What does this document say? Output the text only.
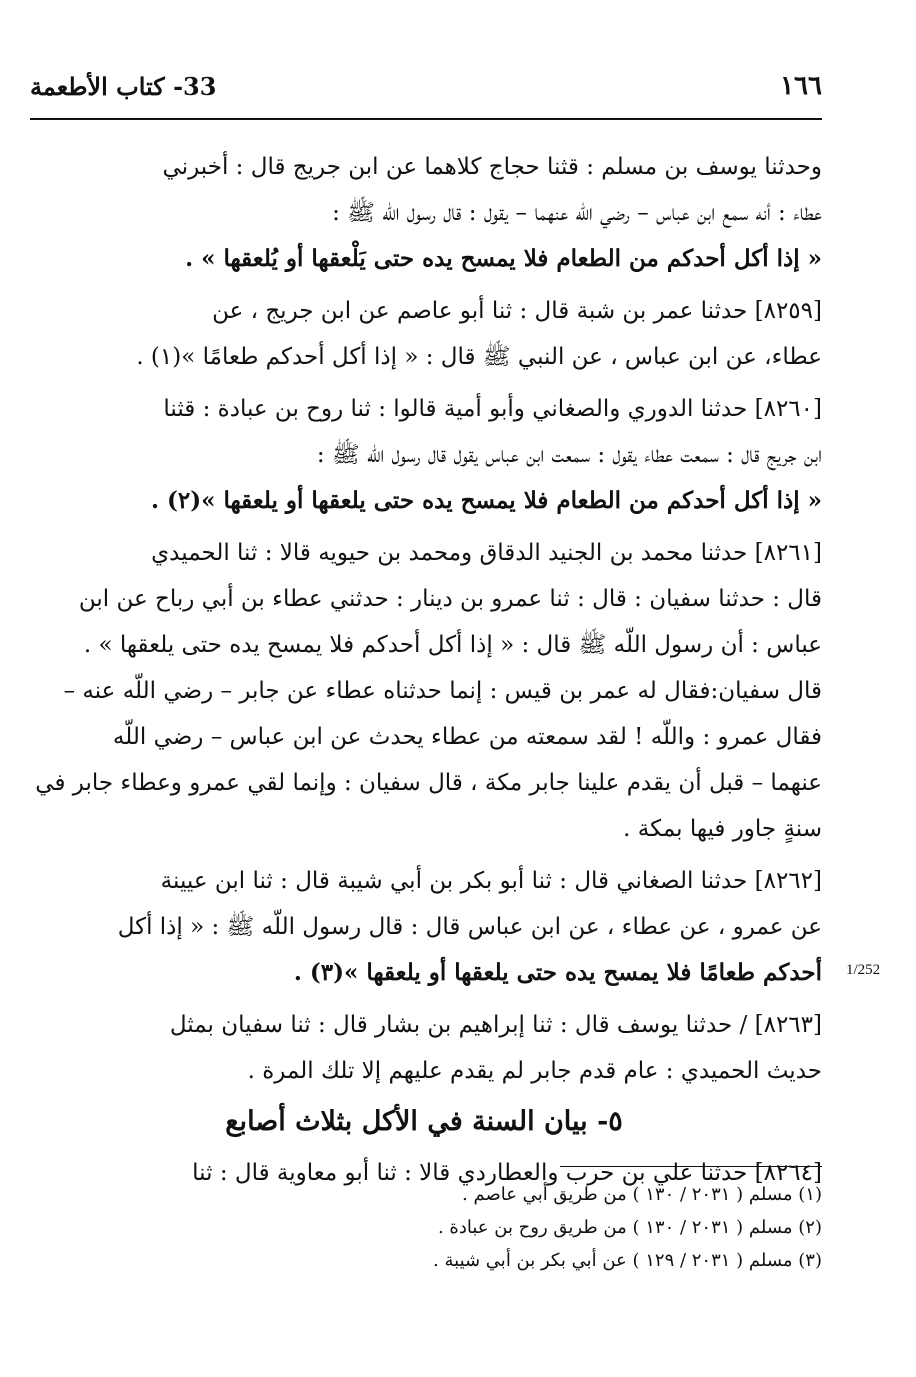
١٦٦
33- كتاب الأطعمة
وحدثنا يوسف بن مسلم : قثنا حجاج كلاهما عن ابن جريج قال : أخبرني
عطاء : أنه سمع ابن عباس – رضي اللّه عنهما – يقول : قال رسول اللّه ﷺ :
« إذا أكل أحدكم من الطعام فلا يمسح يده حتى يَلْعقها أو يُلعقها » .
[٨٢٥٩] حدثنا عمر بن شبة قال : ثنا أبو عاصم عن ابن جريج ، عن
عطاء، عن ابن عباس ، عن النبي ﷺ قال : « إذا أكل أحدكم طعامًا »(١) .
[٨٢٦٠] حدثنا الدوري والصغاني وأبو أمية قالوا : ثنا روح بن عبادة : قثنا
ابن جريج قال : سمعت عطاء يقول : سمعت ابن عباس يقول قال رسول اللّه ﷺ :
« إذا أكل أحدكم من الطعام فلا يمسح يده حتى يلعقها أو يلعقها »(٢) .
[٨٢٦١] حدثنا محمد بن الجنيد الدقاق ومحمد بن حيويه قالا : ثنا الحميدي
قال : حدثنا سفيان : قال : ثنا عمرو بن دينار : حدثني عطاء بن أبي رباح عن ابن
عباس : أن رسول اللّه ﷺ قال : « إذا أكل أحدكم فلا يمسح يده حتى يلعقها » .
قال سفيان:فقال له عمر بن قيس : إنما حدثناه عطاء عن جابر – رضي اللّه عنه –
فقال عمرو : واللّه ! لقد سمعته من عطاء يحدث عن ابن عباس – رضي اللّه
عنهما – قبل أن يقدم علينا جابر مكة ، قال سفيان : وإنما لقي عمرو وعطاء جابر في
سنةٍ جاور فيها بمكة .
[٨٢٦٢] حدثنا الصغاني قال : ثنا أبو بكر بن أبي شيبة قال : ثنا ابن عيينة
عن عمرو ، عن عطاء ، عن ابن عباس قال : قال رسول اللّه ﷺ : « إذا أكل
أحدكم طعامًا فلا يمسح يده حتى يلعقها أو يلعقها »(٣) .
[٨٢٦٣] / حدثنا يوسف قال : ثنا إبراهيم بن بشار قال : ثنا سفيان بمثل
حديث الحميدي : عام قدم جابر لم يقدم عليهم إلا تلك المرة .
٥- بيان السنة في الأكل بثلاث أصابع
[٨٢٦٤] حدثنا علي بن حرب والعطاردي قالا : ثنا أبو معاوية قال : ثنا
1/252
(١) مسلم ( ٢٠٣١ / ١٣٠ ) من طريق أبي عاصم .
(٢) مسلم ( ٢٠٣١ / ١٣٠ ) من طريق روح بن عبادة .
(٣) مسلم ( ٢٠٣١ / ١٢٩ ) عن أبي بكر بن أبي شيبة .
